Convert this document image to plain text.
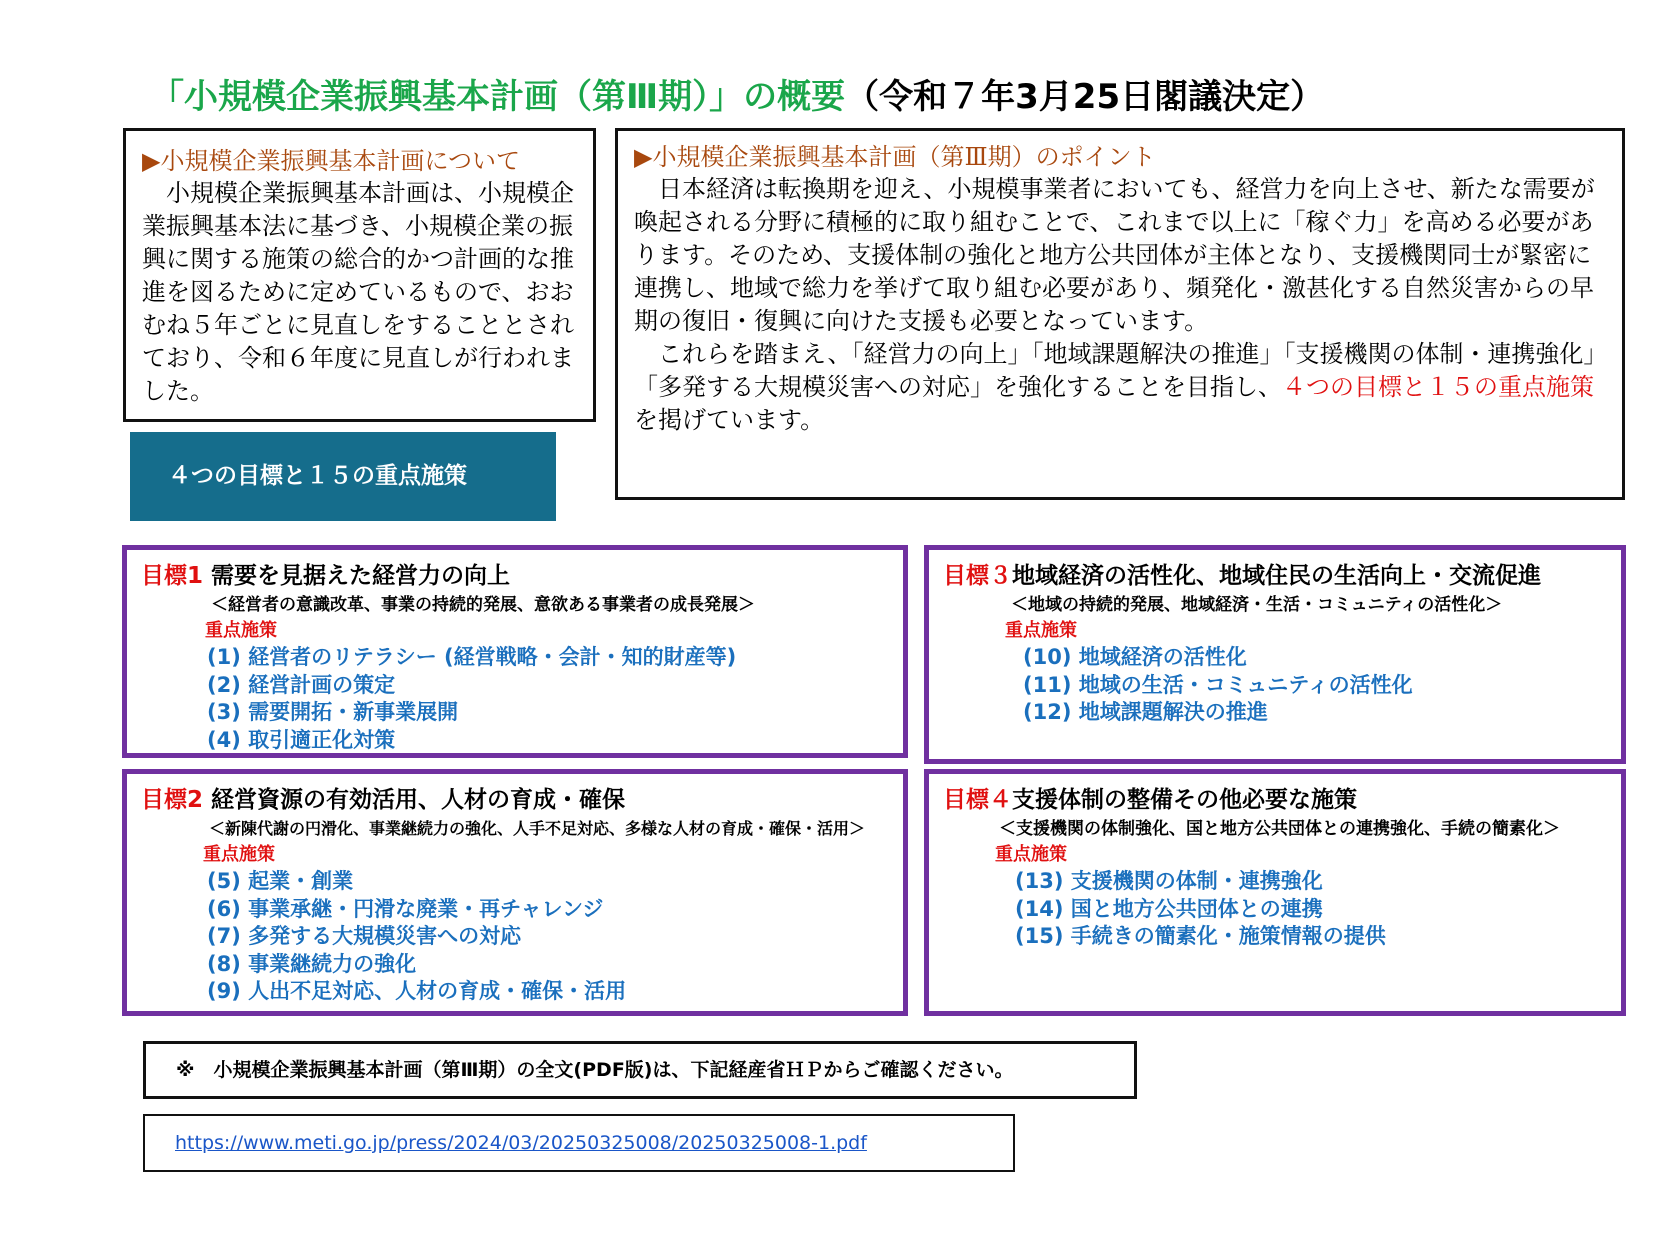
「小規模企業振興基本計画（第Ⅲ期）」の概要（令和７年3月25日閣議決定）
▶小規模企業振興基本計画について
小規模企業振興基本計画は、小規模企業振興基本法に基づき、小規模企業の振興に関する施策の総合的かつ計画的な推進を図るために定めているもので、おおむね５年ごとに見直しをすることとされており、令和６年度に見直しが行われました。
▶小規模企業振興基本計画（第Ⅲ期）のポイント

日本経済は転換期を迎え、小規模事業者においても、経営力を向上させ、新たな需要が喚起される分野に積極的に取り組むことで、これまで以上に「稼ぐ力」を高める必要があります。そのため、支援体制の強化と地方公共団体が主体となり、支援機関同士が緊密に連携し、地域で総力を挙げて取り組む必要があり、頻発化・激甚化する自然災害からの早期の復旧・復興に向けた支援も必要となっています。

これらを踏まえ、「経営力の向上」「地域課題解決の推進」「支援機関の体制・連携強化」「多発する大規模災害への対応」を強化することを目指し、４つの目標と１５の重点施策を掲げています。

４つの目標と１５の重点施策
目標1 需要を見据えた経営力の向上
＜経営者の意識改革、事業の持続的発展、意欲ある事業者の成長発展＞
重点施策
(1) 経営者のリテラシー (経営戦略・会計・知的財産等)
(2) 経営計画の策定
(3) 需要開拓・新事業展開
(4) 取引適正化対策
目標３地域経済の活性化、地域住民の生活向上・交流促進
＜地域の持続的発展、地域経済・生活・コミュニティの活性化＞
重点施策
(10) 地域経済の活性化
(11) 地域の生活・コミュニティの活性化
(12) 地域課題解決の推進
目標2 経営資源の有効活用、人材の育成・確保
＜新陳代謝の円滑化、事業継続力の強化、人手不足対応、多様な人材の育成・確保・活用＞
重点施策
(5) 起業・創業
(6) 事業承継・円滑な廃業・再チャレンジ
(7) 多発する大規模災害への対応
(8) 事業継続力の強化
(9) 人出不足対応、人材の育成・確保・活用
目標４支援体制の整備その他必要な施策
＜支援機関の体制強化、国と地方公共団体との連携強化、手続の簡素化＞
重点施策
(13) 支援機関の体制・連携強化
(14) 国と地方公共団体との連携
(15) 手続きの簡素化・施策情報の提供
※　小規模企業振興基本計画（第Ⅲ期）の全文(PDF版)は、下記経産省ＨＰからご確認ください。
https://www.meti.go.jp/press/2024/03/20250325008/20250325008-1.pdf
